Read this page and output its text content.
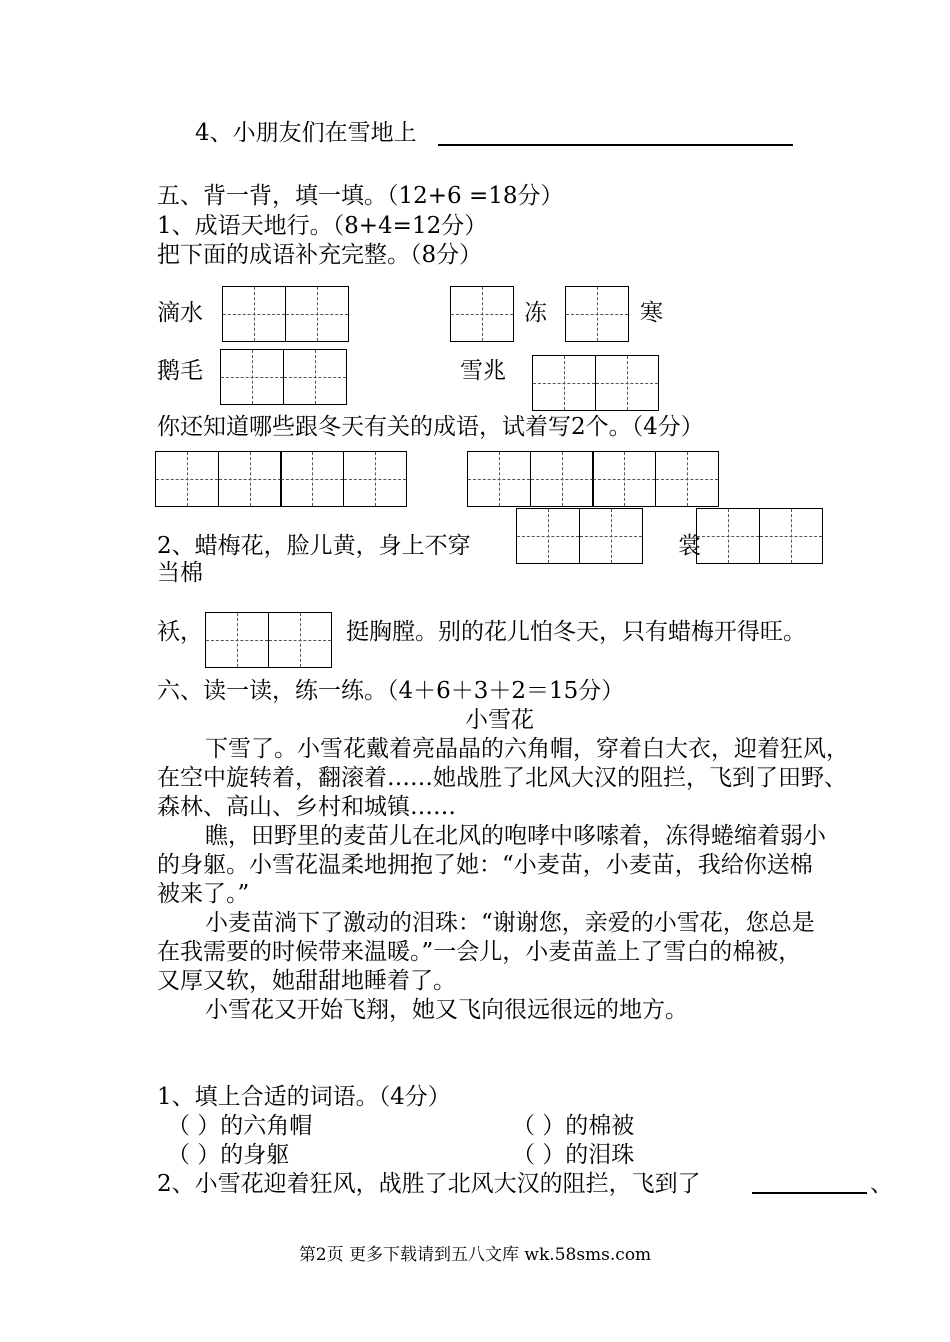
4、小朋友们在雪地上
五、背一背，填一填。（12+6 =18分）
1、成语天地行。（8+4=12分）
把下面的成语补充完整。（8分）
滴水	冻	寒
鹅毛	雪兆
你还知道哪些跟冬天有关的成语，试着写2个。（4分）
2、蜡梅花，脸儿黄，身上不穿	裳
当棉
袄，	挺胸膛。别的花儿怕冬天，只有蜡梅开得旺。
六、读一读，练一练。（4＋6＋3＋2＝15分）
小雪花
下雪了。小雪花戴着亮晶晶的六角帽，穿着白大衣，迎着狂风，
在空中旋转着，翻滚着……她战胜了北风大汉的阻拦，飞到了田野、
森林、高山、乡村和城镇……
瞧，田野里的麦苗儿在北风的咆哮中哆嗦着，冻得蜷缩着弱小
的身躯。小雪花温柔地拥抱了她：“小麦苗，小麦苗，我给你送棉
被来了。”
小麦苗淌下了激动的泪珠：“谢谢您，亲爱的小雪花，您总是
在我需要的时候带来温暖。”一会儿，小麦苗盖上了雪白的棉被，
又厚又软，她甜甜地睡着了。
小雪花又开始飞翔，她又飞向很远很远的地方。
1、填上合适的词语。（4分）
（ ）的六角帽	（ ）的棉被
（ ）的身躯	（ ）的泪珠
2、小雪花迎着狂风，战胜了北风大汉的阻拦，飞到了	、
第2页 更多下载请到五八文库 wk.58sms.com
